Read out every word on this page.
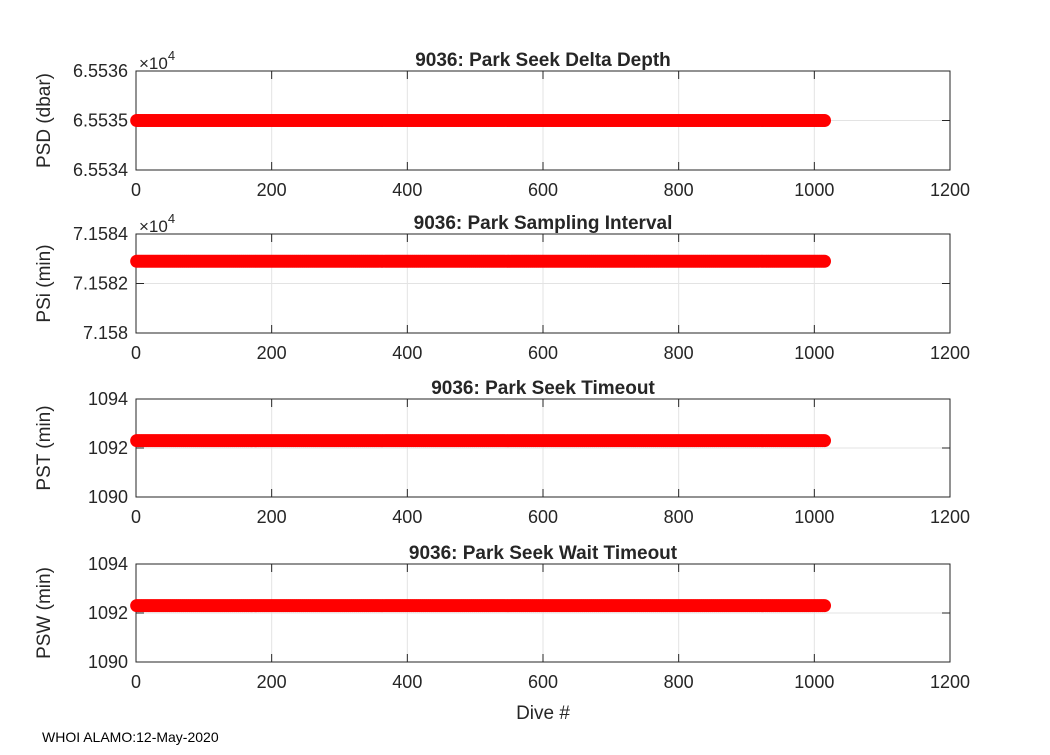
0	200	400	600	800	1000	1200
6.5534
6.5535
$6.5536 \times 10^4$	9036: Park Seek Delta Depth
PSD (dbar)
0	200	400	600	800	1000	1200
7.158
7.1582
$7.1584 \times 10^4$	9036: Park Sampling Interval
PSi (min)
0	200	400	600	800	1000	1200
1090
1092
1094	9036: Park Seek Timeout
PST (min)
0	200	400	600	800	1000	1200
1090
1092
1094	9036: Park Seek Wait Timeout
PSW (min)
Dive #
WHOI ALAMO:12-May-2020
